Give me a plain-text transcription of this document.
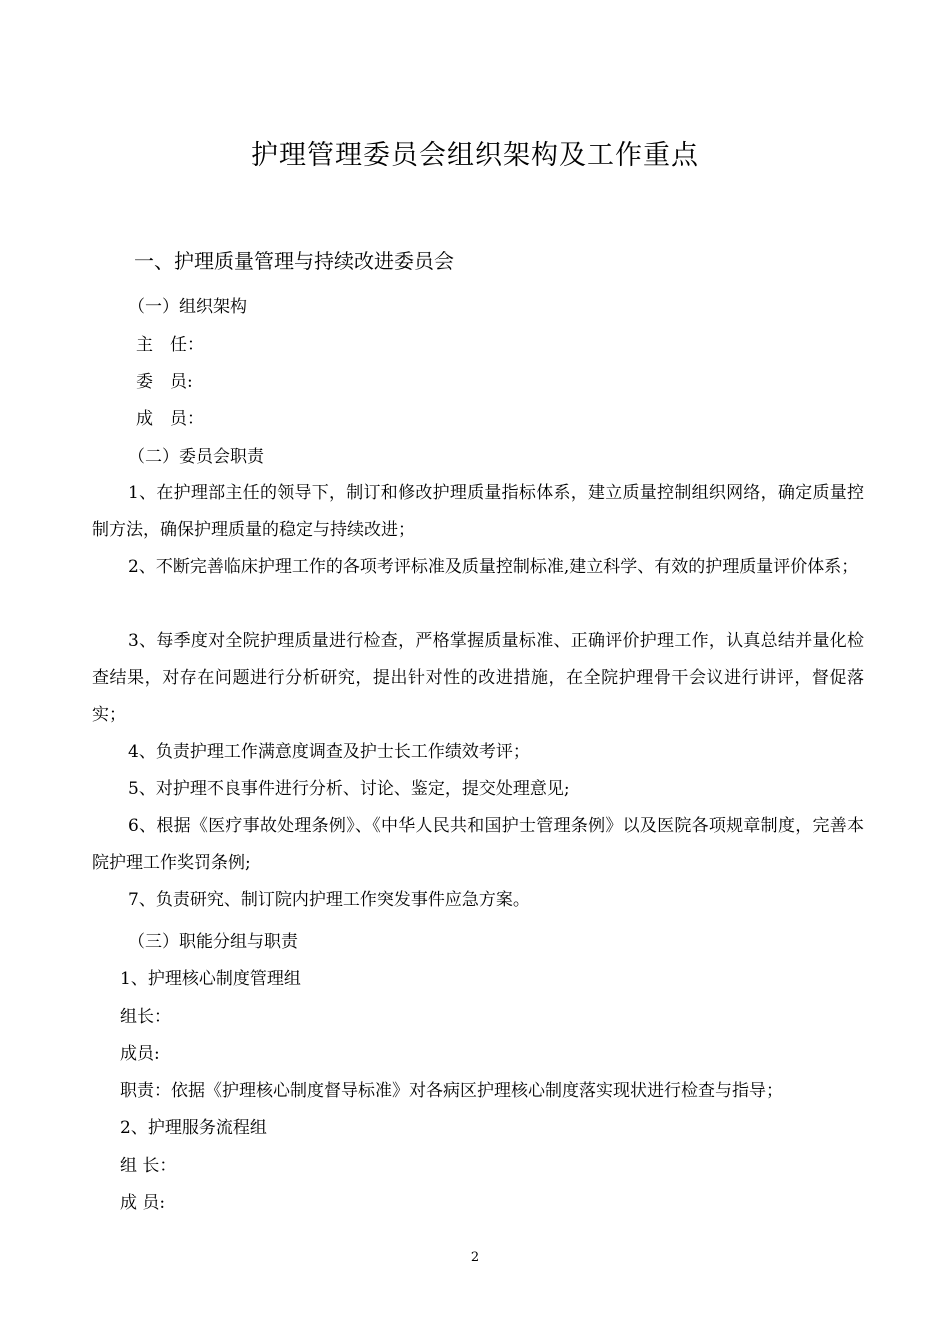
护理管理委员会组织架构及工作重点
一、护理质量管理与持续改进委员会
（一）组织架构
主　任：
委　员:
成　员：
（二）委员会职责
1、在护理部主任的领导下，制订和修改护理质量指标体系，建立质量控制组织网络，确定质量控制方法，确保护理质量的稳定与持续改进；
2、不断完善临床护理工作的各项考评标准及质量控制标准,建立科学、有效的护理质量评价体系；
3、每季度对全院护理质量进行检查，严格掌握质量标准、正确评价护理工作，认真总结并量化检查结果，对存在问题进行分析研究，提出针对性的改进措施，在全院护理骨干会议进行讲评，督促落实；
4、负责护理工作满意度调查及护士长工作绩效考评；
5、对护理不良事件进行分析、讨论、鉴定，提交处理意见;
6、根据《医疗事故处理条例》、《中华人民共和国护士管理条例》以及医院各项规章制度，完善本院护理工作奖罚条例;
7、负责研究、制订院内护理工作突发事件应急方案。
（三）职能分组与职责
1、护理核心制度管理组
组长：
成员:
职责：依据《护理核心制度督导标准》对各病区护理核心制度落实现状进行检查与指导；
2、护理服务流程组
组 长：
成 员:
2
